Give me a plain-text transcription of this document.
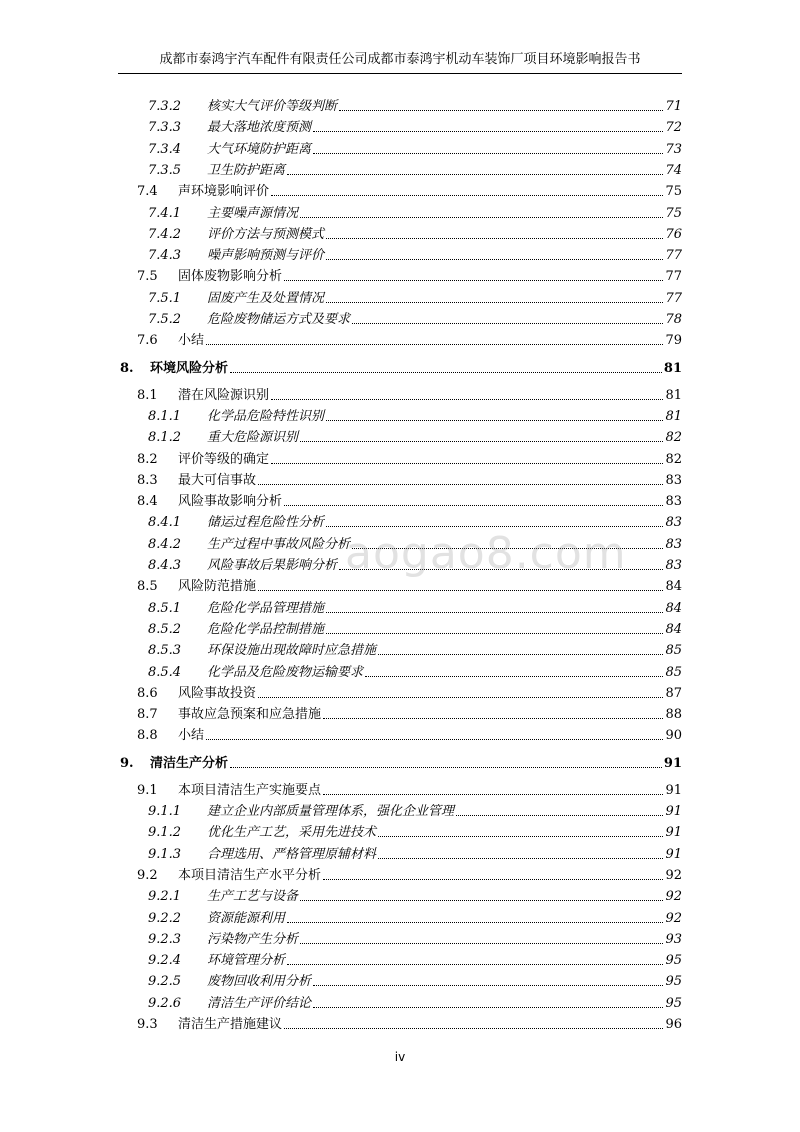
成都市泰鸿宇汽车配件有限责任公司成都市泰鸿宇机动车装饰厂项目环境影响报告书
7.3.2 核实大气评价等级判断	71
7.3.3 最大落地浓度预测	72
7.3.4 大气环境防护距离	73
7.3.5 卫生防护距离	74
7.4 声环境影响评价	75
7.4.1 主要噪声源情况	75
7.4.2 评价方法与预测模式	76
7.4.3 噪声影响预测与评价	77
7.5 固体废物影响分析	77
7.5.1 固废产生及处置情况	77
7.5.2 危险废物储运方式及要求	78
7.6 小结	79
8. 环境风险分析	81
8.1 潜在风险源识别	81
8.1.1 化学品危险特性识别	81
8.1.2 重大危险源识别	82
8.2 评价等级的确定	82
8.3 最大可信事故	83
8.4 风险事故影响分析	83
8.4.1 储运过程危险性分析	83
8.4.2 生产过程中事故风险分析	83
8.4.3 风险事故后果影响分析	83
8.5 风险防范措施	84
8.5.1 危险化学品管理措施	84
8.5.2 危险化学品控制措施	84
8.5.3 环保设施出现故障时应急措施	85
8.5.4 化学品及危险废物运输要求	85
8.6 风险事故投资	87
8.7 事故应急预案和应急措施	88
8.8 小结	90
9. 清洁生产分析	91
9.1 本项目清洁生产实施要点	91
9.1.1 建立企业内部质量管理体系，强化企业管理	91
9.1.2 优化生产工艺，采用先进技术	91
9.1.3 合理选用、严格管理原辅材料	91
9.2 本项目清洁生产水平分析	92
9.2.1 生产工艺与设备	92
9.2.2 资源能源利用	92
9.2.3 污染物产生分析	93
9.2.4 环境管理分析	95
9.2.5 废物回收利用分析	95
9.2.6 清洁生产评价结论	95
9.3 清洁生产措施建议	96
aogao8.com
iv
